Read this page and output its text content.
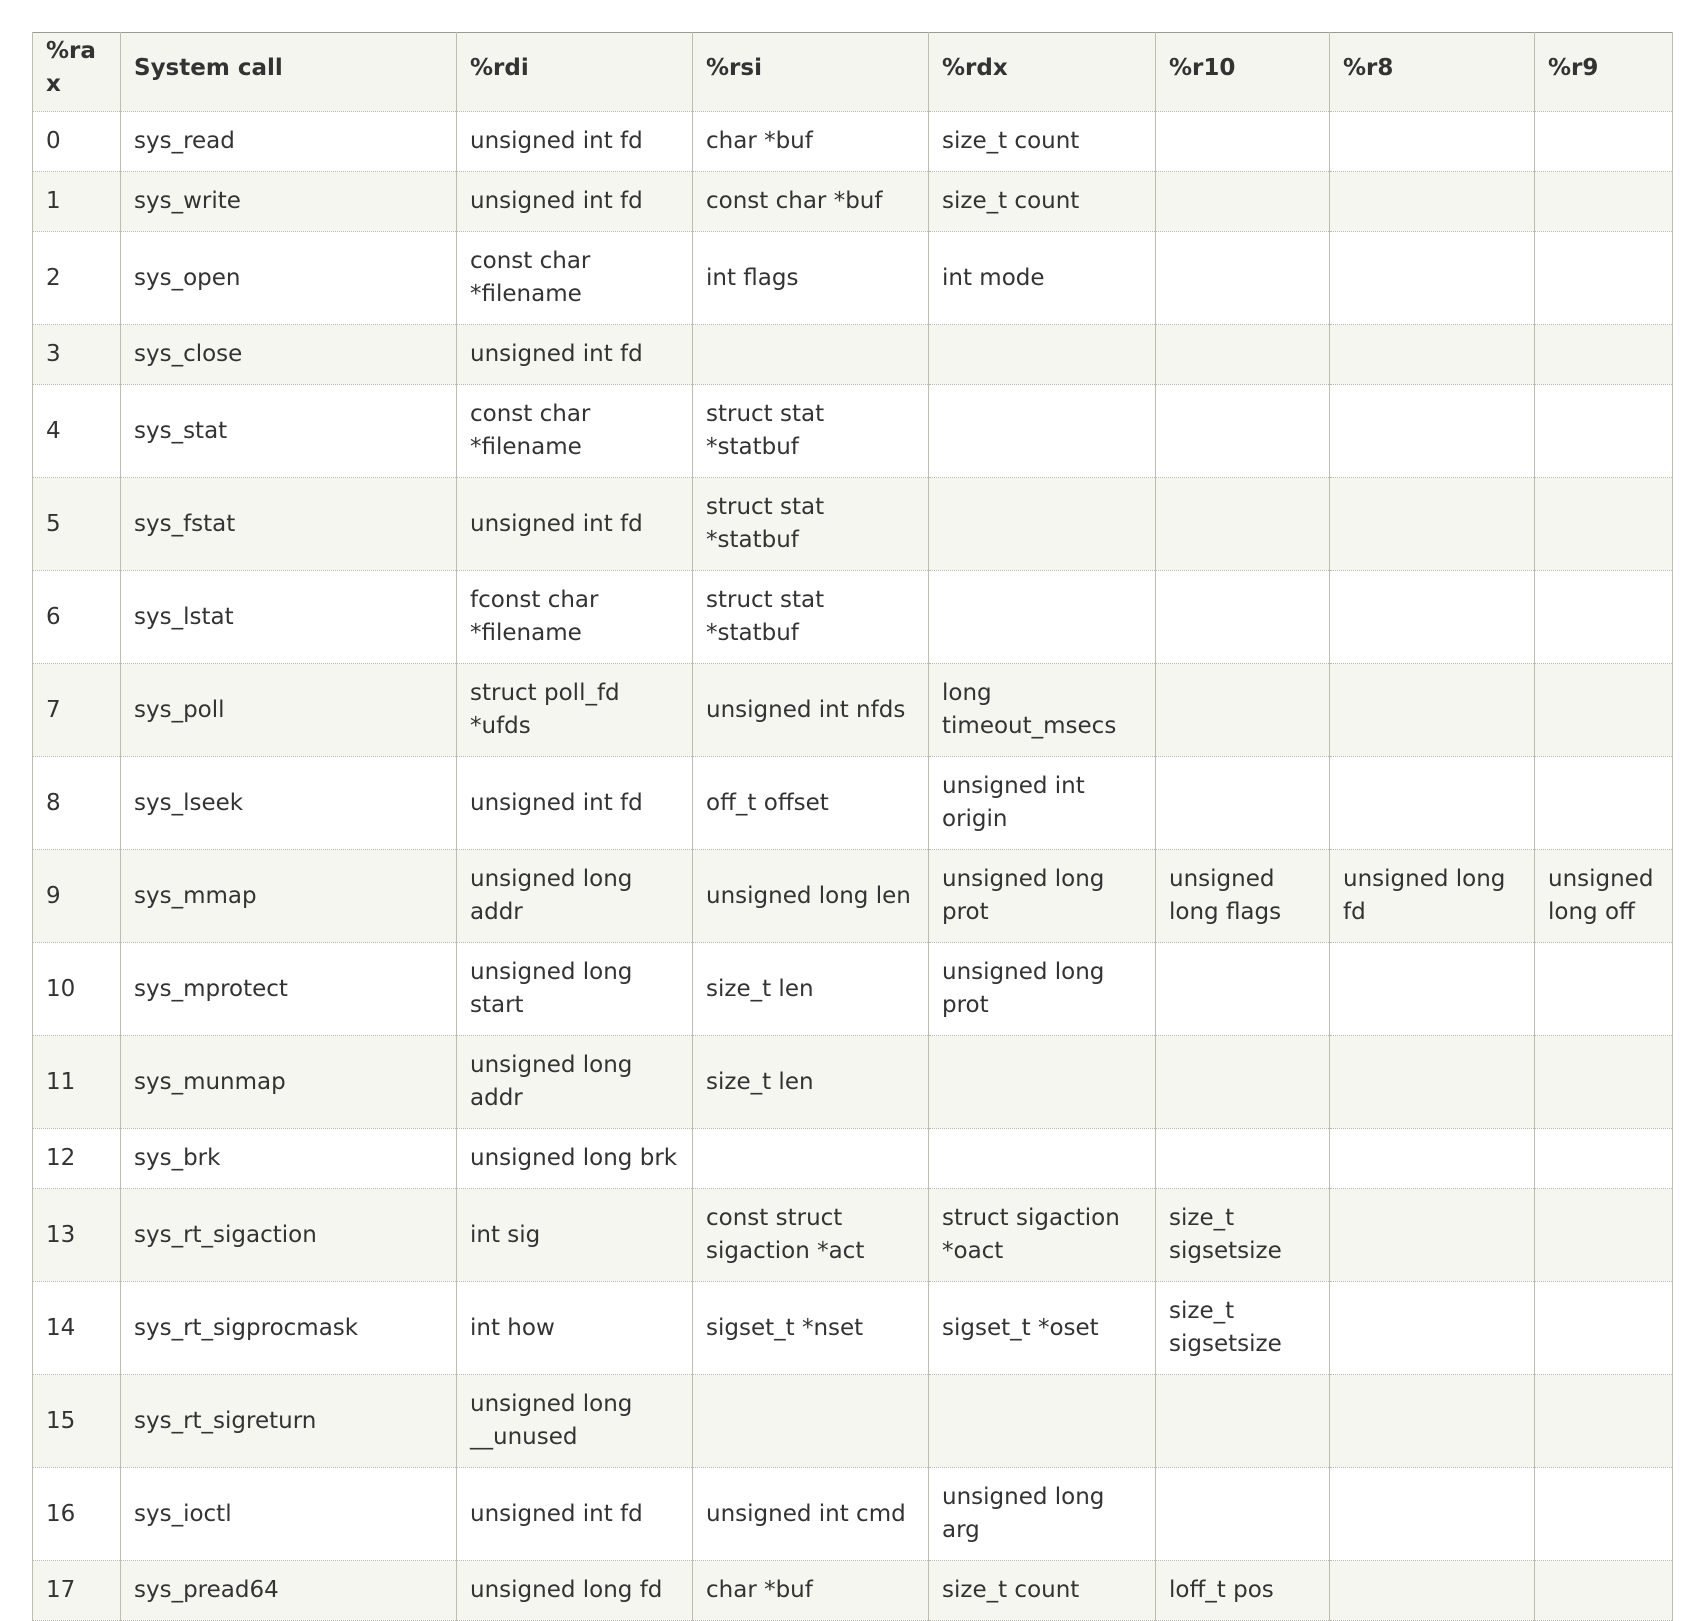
%rax	System call	%rdi	%rsi	%rdx	%r10	%r8	%r9
0	sys_read	unsigned int fd	char *buf	size_t count			
1	sys_write	unsigned int fd	const char *buf	size_t count			
2	sys_open	const char *filename	int flags	int mode			
3	sys_close	unsigned int fd					
4	sys_stat	const char *filename	struct stat *statbuf				
5	sys_fstat	unsigned int fd	struct stat *statbuf				
6	sys_lstat	fconst char *filename	struct stat *statbuf				
7	sys_poll	struct poll_fd *ufds	unsigned int nfds	long timeout_msecs			
8	sys_lseek	unsigned int fd	off_t offset	unsigned int origin			
9	sys_mmap	unsigned long addr	unsigned long len	unsigned long prot	unsigned long flags	unsigned long fd	unsigned long off
10	sys_mprotect	unsigned long start	size_t len	unsigned long prot			
11	sys_munmap	unsigned long addr	size_t len				
12	sys_brk	unsigned long brk					
13	sys_rt_sigaction	int sig	const struct sigaction *act	struct sigaction *oact	size_t sigsetsize		
14	sys_rt_sigprocmask	int how	sigset_t *nset	sigset_t *oset	size_t sigsetsize		
15	sys_rt_sigreturn	unsigned long __unused					
16	sys_ioctl	unsigned int fd	unsigned int cmd	unsigned long arg			
17	sys_pread64	unsigned long fd	char *buf	size_t count	loff_t pos		
